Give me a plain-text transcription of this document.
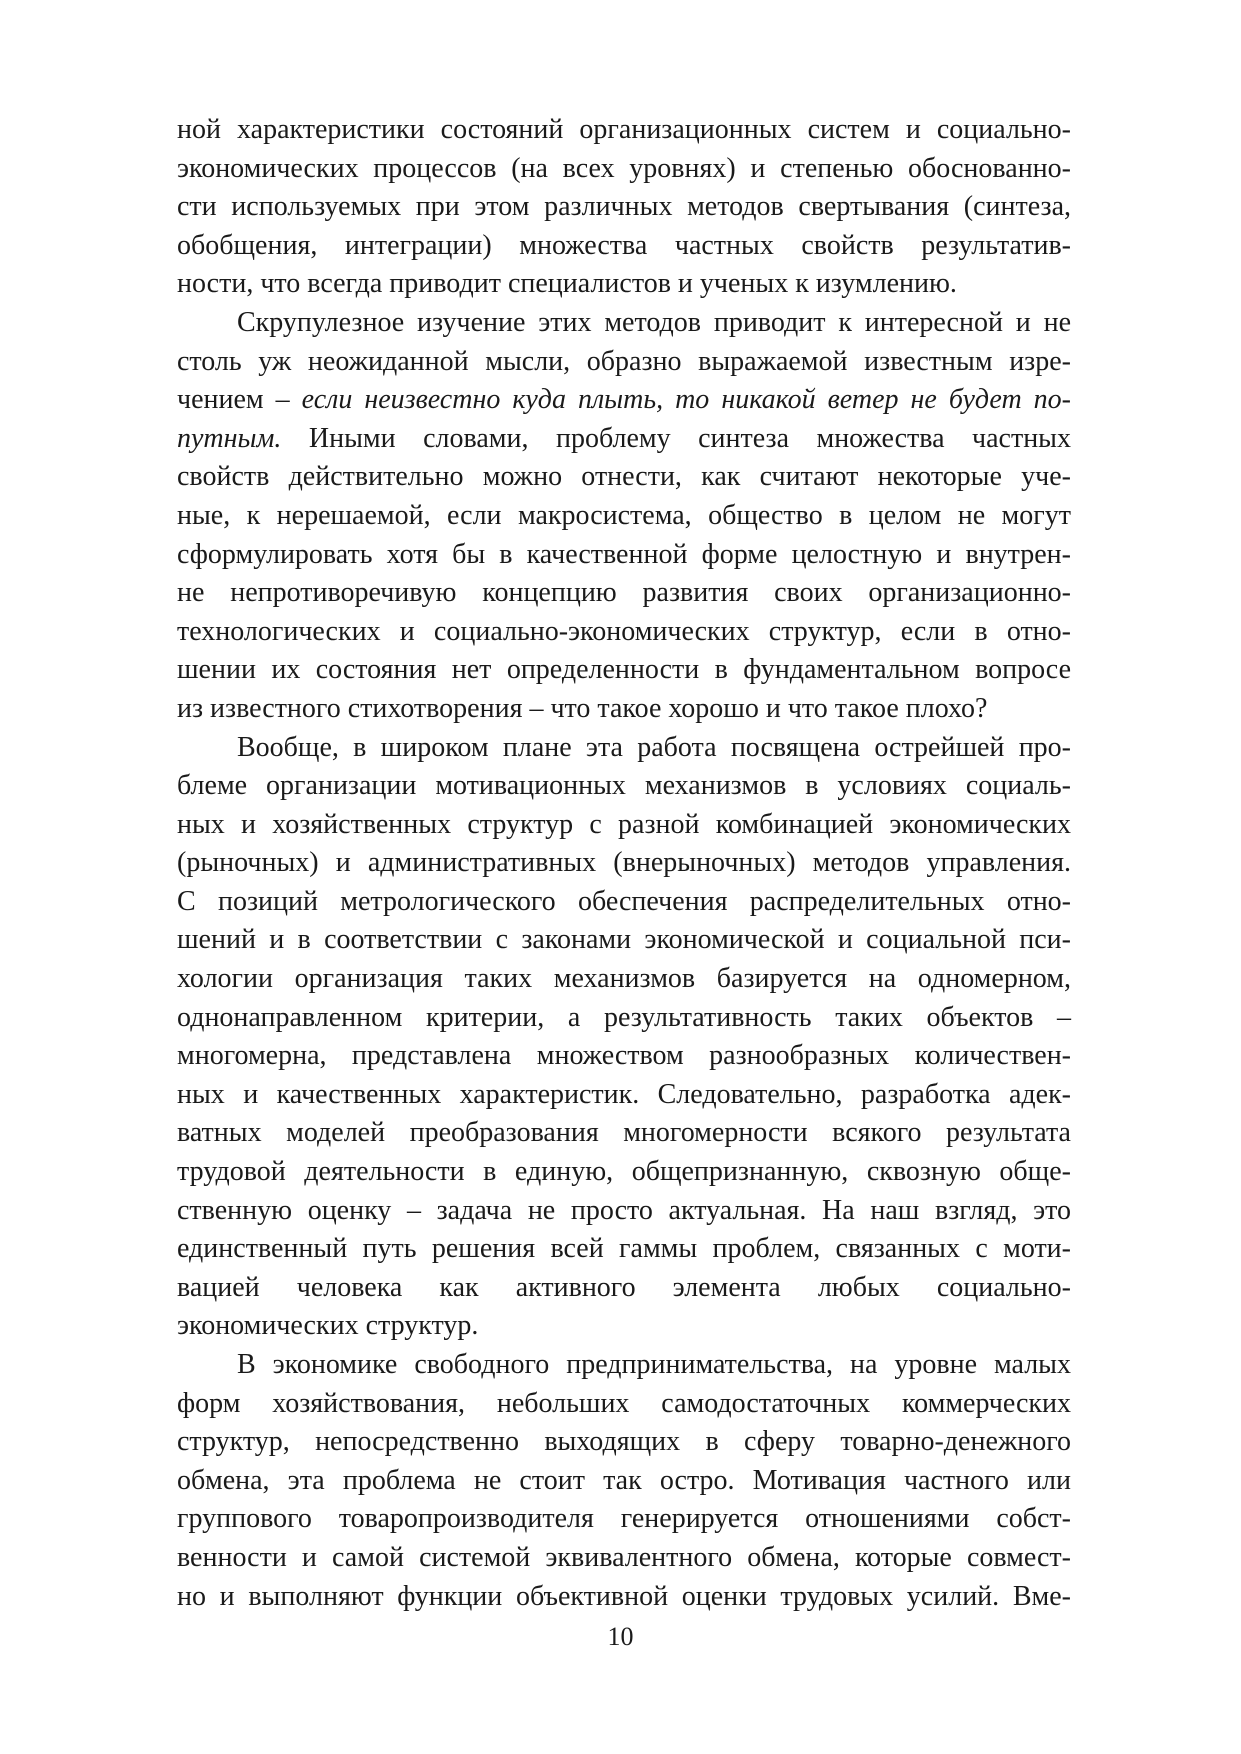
ной характеристики состояний организационных систем и социально-
экономических процессов (на всех уровнях) и степенью обоснованно-
сти используемых при этом различных методов свертывания (синтеза,
обобщения, интеграции) множества частных свойств результатив-
ности, что всегда приводит специалистов и ученых к изумлению.
Скрупулезное изучение этих методов приводит к интересной и не
столь уж неожиданной мысли, образно выражаемой известным изре-
чением – если неизвестно куда плыть, то никакой ветер не будет по-
путным. Иными словами, проблему синтеза множества частных
свойств действительно можно отнести, как считают некоторые уче-
ные, к нерешаемой, если макросистема, общество в целом не могут
сформулировать хотя бы в качественной форме целостную и внутрен-
не непротиворечивую концепцию развития своих организационно-
технологических и социально-экономических структур, если в отно-
шении их состояния нет определенности в фундаментальном вопросе
из известного стихотворения – что такое хорошо и что такое плохо?
Вообще, в широком плане эта работа посвящена острейшей про-
блеме организации мотивационных механизмов в условиях социаль-
ных и хозяйственных структур с разной комбинацией экономических
(рыночных) и административных (внерыночных) методов управления.
С позиций метрологического обеспечения распределительных отно-
шений и в соответствии с законами экономической и социальной пси-
хологии организация таких механизмов базируется на одномерном,
однонаправленном критерии, а результативность таких объектов –
многомерна, представлена множеством разнообразных количествен-
ных и качественных характеристик. Следовательно, разработка адек-
ватных моделей преобразования многомерности всякого результата
трудовой деятельности в единую, общепризнанную, сквозную обще-
ственную оценку – задача не просто актуальная. На наш взгляд, это
единственный путь решения всей гаммы проблем, связанных с моти-
вацией человека как активного элемента любых социально-
экономических структур.
В экономике свободного предпринимательства, на уровне малых
форм хозяйствования, небольших самодостаточных коммерческих
структур, непосредственно выходящих в сферу товарно-денежного
обмена, эта проблема не стоит так остро. Мотивация частного или
группового товаропроизводителя генерируется отношениями собст-
венности и самой системой эквивалентного обмена, которые совмест-
но и выполняют функции объективной оценки трудовых усилий. Вме-
10
